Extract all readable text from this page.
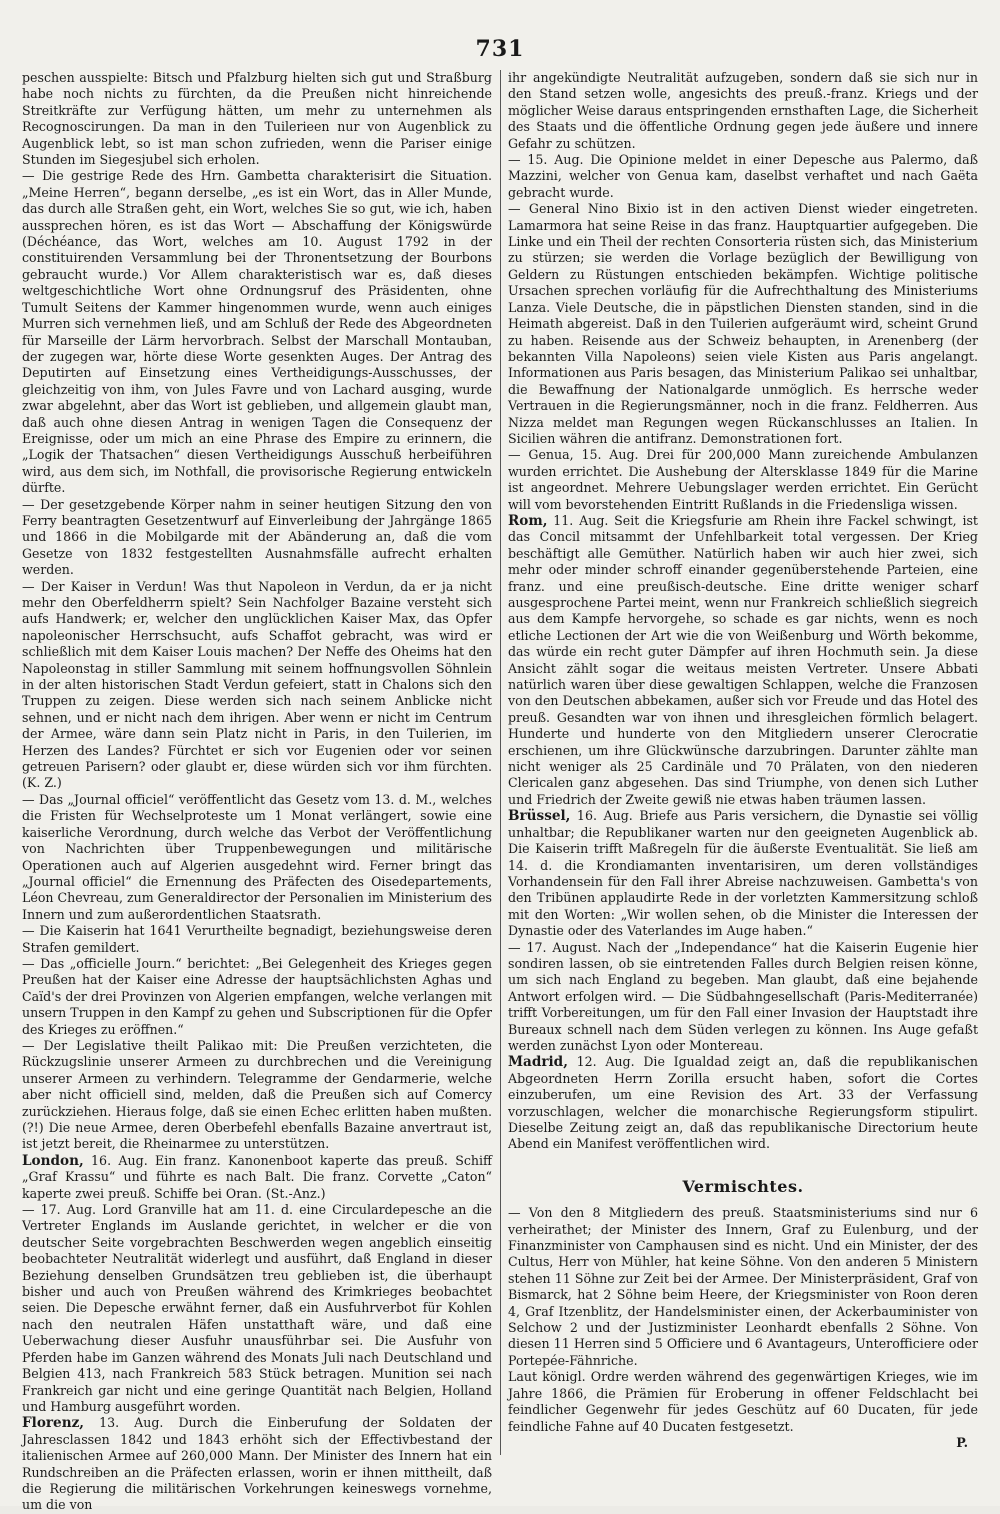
731

peschen ausspielte: Bitsch und Pfalzburg hielten sich gut und Straßburg habe noch nichts zu fürchten, da die Preußen nicht hinreichende Streitkräfte zur Verfügung hätten, um mehr zu unternehmen als Recognoscirungen. Da man in den Tuilerieen nur von Augenblick zu Augenblick lebt, so ist man schon zufrieden, wenn die Pariser einige Stunden im Siegesjubel sich erholen.

— Die gestrige Rede des Hrn. Gambetta charakterisirt die Situation. „Meine Herren“, begann derselbe, „es ist ein Wort, das in Aller Munde, das durch alle Straßen geht, ein Wort, welches Sie so gut, wie ich, haben aussprechen hören, es ist das Wort — Abschaffung der Königswürde (Déchéance, das Wort, welches am 10. August 1792 in der constituirenden Versammlung bei der Thronentsetzung der Bourbons gebraucht wurde.) Vor Allem charakteristisch war es, daß dieses weltgeschichtliche Wort ohne Ordnungsruf des Präsidenten, ohne Tumult Seitens der Kammer hingenommen wurde, wenn auch einiges Murren sich vernehmen ließ, und am Schluß der Rede des Abgeordneten für Marseille der Lärm hervorbrach. Selbst der Marschall Montauban, der zugegen war, hörte diese Worte gesenkten Auges. Der Antrag des Deputirten auf Einsetzung eines Vertheidigungs-Ausschusses, der gleichzeitig von ihm, von Jules Favre und von Lachard ausging, wurde zwar abgelehnt, aber das Wort ist geblieben, und allgemein glaubt man, daß auch ohne diesen Antrag in wenigen Tagen die Consequenz der Ereignisse, oder um mich an eine Phrase des Empire zu erinnern, die „Logik der Thatsachen“ diesen Vertheidigungs Ausschuß herbeiführen wird, aus dem sich, im Nothfall, die provisorische Regierung entwickeln dürfte.

— Der gesetzgebende Körper nahm in seiner heutigen Sitzung den von Ferry beantragten Gesetzentwurf auf Einverleibung der Jahrgänge 1865 und 1866 in die Mobilgarde mit der Abänderung an, daß die vom Gesetze von 1832 festgestellten Ausnahmsfälle aufrecht erhalten werden.

— Der Kaiser in Verdun! Was thut Napoleon in Verdun, da er ja nicht mehr den Oberfeldherrn spielt? Sein Nachfolger Bazaine versteht sich aufs Handwerk; er, welcher den unglücklichen Kaiser Max, das Opfer napoleonischer Herrschsucht, aufs Schaffot gebracht, was wird er schließlich mit dem Kaiser Louis machen? Der Neffe des Oheims hat den Napoleonstag in stiller Sammlung mit seinem hoffnungsvollen Söhnlein in der alten historischen Stadt Verdun gefeiert, statt in Chalons sich den Truppen zu zeigen. Diese werden sich nach seinem Anblicke nicht sehnen, und er nicht nach dem ihrigen. Aber wenn er nicht im Centrum der Armee, wäre dann sein Platz nicht in Paris, in den Tuilerien, im Herzen des Landes? Fürchtet er sich vor Eugenien oder vor seinen getreuen Parisern? oder glaubt er, diese würden sich vor ihm fürchten. (K. Z.)

— Das „Journal officiel“ veröffentlicht das Gesetz vom 13. d. M., welches die Fristen für Wechselproteste um 1 Monat verlängert, sowie eine kaiserliche Verordnung, durch welche das Verbot der Veröffentlichung von Nachrichten über Truppenbewegungen und militärische Operationen auch auf Algerien ausgedehnt wird. Ferner bringt das „Journal officiel“ die Ernennung des Präfecten des Oisedepartements, Léon Chevreau, zum Generaldirector der Personalien im Ministerium des Innern und zum außerordentlichen Staatsrath.

— Die Kaiserin hat 1641 Verurtheilte begnadigt, beziehungsweise deren Strafen gemildert.

— Das „officielle Journ.“ berichtet: „Bei Gelegenheit des Krieges gegen Preußen hat der Kaiser eine Adresse der hauptsächlichsten Aghas und Caïd's der drei Provinzen von Algerien empfangen, welche verlangen mit unsern Truppen in den Kampf zu gehen und Subscriptionen für die Opfer des Krieges zu eröffnen.“

— Der Legislative theilt Palikao mit: Die Preußen verzichteten, die Rückzugslinie unserer Armeen zu durchbrechen und die Vereinigung unserer Armeen zu verhindern. Telegramme der Gendarmerie, welche aber nicht officiell sind, melden, daß die Preußen sich auf Comercy zurückziehen. Hieraus folge, daß sie einen Echec erlitten haben mußten. (?!) Die neue Armee, deren Oberbefehl ebenfalls Bazaine anvertraut ist, ist jetzt bereit, die Rheinarmee zu unterstützen.

London, 16. Aug. Ein franz. Kanonenboot kaperte das preuß. Schiff „Graf Krassu“ und führte es nach Balt. Die franz. Corvette „Caton“ kaperte zwei preuß. Schiffe bei Oran. (St.-Anz.)

— 17. Aug. Lord Granville hat am 11. d. eine Circulardepesche an die Vertreter Englands im Auslande gerichtet, in welcher er die von deutscher Seite vorgebrachten Beschwerden wegen angeblich einseitig beobachteter Neutralität widerlegt und ausführt, daß England in dieser Beziehung denselben Grundsätzen treu geblieben ist, die überhaupt bisher und auch von Preußen während des Krimkrieges beobachtet seien. Die Depesche erwähnt ferner, daß ein Ausfuhrverbot für Kohlen nach den neutralen Häfen unstatthaft wäre, und daß eine Ueberwachung dieser Ausfuhr unausführbar sei. Die Ausfuhr von Pferden habe im Ganzen während des Monats Juli nach Deutschland und Belgien 413, nach Frankreich 583 Stück betragen. Munition sei nach Frankreich gar nicht und eine geringe Quantität nach Belgien, Holland und Hamburg ausgeführt worden.

Florenz, 13. Aug. Durch die Einberufung der Soldaten der Jahresclassen 1842 und 1843 erhöht sich der Effectivbestand der italienischen Armee auf 260,000 Mann. Der Minister des Innern hat ein Rundschreiben an die Präfecten erlassen, worin er ihnen mittheilt, daß die Regierung die militärischen Vorkehrungen keineswegs vornehme, um die von

ihr angekündigte Neutralität aufzugeben, sondern daß sie sich nur in den Stand setzen wolle, angesichts des preuß.-franz. Kriegs und der möglicher Weise daraus entspringenden ernsthaften Lage, die Sicherheit des Staats und die öffentliche Ordnung gegen jede äußere und innere Gefahr zu schützen.

— 15. Aug. Die Opinione meldet in einer Depesche aus Palermo, daß Mazzini, welcher von Genua kam, daselbst verhaftet und nach Gaëta gebracht wurde.

— General Nino Bixio ist in den activen Dienst wieder eingetreten. Lamarmora hat seine Reise in das franz. Hauptquartier aufgegeben. Die Linke und ein Theil der rechten Consorteria rüsten sich, das Ministerium zu stürzen; sie werden die Vorlage bezüglich der Bewilligung von Geldern zu Rüstungen entschieden bekämpfen. Wichtige politische Ursachen sprechen vorläufig für die Aufrechthaltung des Ministeriums Lanza. Viele Deutsche, die in päpstlichen Diensten standen, sind in die Heimath abgereist. Daß in den Tuilerien aufgeräumt wird, scheint Grund zu haben. Reisende aus der Schweiz behaupten, in Arenenberg (der bekannten Villa Napoleons) seien viele Kisten aus Paris angelangt. Informationen aus Paris besagen, das Ministerium Palikao sei unhaltbar, die Bewaffnung der Nationalgarde unmöglich. Es herrsche weder Vertrauen in die Regierungsmänner, noch in die franz. Feldherren. Aus Nizza meldet man Regungen wegen Rückanschlusses an Italien. In Sicilien währen die antifranz. Demonstrationen fort.

— Genua, 15. Aug. Drei für 200,000 Mann zureichende Ambulanzen wurden errichtet. Die Aushebung der Altersklasse 1849 für die Marine ist angeordnet. Mehrere Uebungslager werden errichtet. Ein Gerücht will vom bevorstehenden Eintritt Rußlands in die Friedensliga wissen.

Rom, 11. Aug. Seit die Kriegsfurie am Rhein ihre Fackel schwingt, ist das Concil mitsammt der Unfehlbarkeit total vergessen. Der Krieg beschäftigt alle Gemüther. Natürlich haben wir auch hier zwei, sich mehr oder minder schroff einander gegenüberstehende Parteien, eine franz. und eine preußisch-deutsche. Eine dritte weniger scharf ausgesprochene Partei meint, wenn nur Frankreich schließlich siegreich aus dem Kampfe hervorgehe, so schade es gar nichts, wenn es noch etliche Lectionen der Art wie die von Weißenburg und Wörth bekomme, das würde ein recht guter Dämpfer auf ihren Hochmuth sein. Ja diese Ansicht zählt sogar die weitaus meisten Vertreter. Unsere Abbati natürlich waren über diese gewaltigen Schlappen, welche die Franzosen von den Deutschen abbekamen, außer sich vor Freude und das Hotel des preuß. Gesandten war von ihnen und ihresgleichen förmlich belagert. Hunderte und hunderte von den Mitgliedern unserer Clerocratie erschienen, um ihre Glückwünsche darzubringen. Darunter zählte man nicht weniger als 25 Cardinäle und 70 Prälaten, von den niederen Clericalen ganz abgesehen. Das sind Triumphe, von denen sich Luther und Friedrich der Zweite gewiß nie etwas haben träumen lassen.

Brüssel, 16. Aug. Briefe aus Paris versichern, die Dynastie sei völlig unhaltbar; die Republikaner warten nur den geeigneten Augenblick ab. Die Kaiserin trifft Maßregeln für die äußerste Eventualität. Sie ließ am 14. d. die Krondiamanten inventarisiren, um deren vollständiges Vorhandensein für den Fall ihrer Abreise nachzuweisen. Gambetta's von den Tribünen applaudirte Rede in der vorletzten Kammersitzung schloß mit den Worten: „Wir wollen sehen, ob die Minister die Interessen der Dynastie oder des Vaterlandes im Auge haben.“

— 17. August. Nach der „Independance“ hat die Kaiserin Eugenie hier sondiren lassen, ob sie eintretenden Falles durch Belgien reisen könne, um sich nach England zu begeben. Man glaubt, daß eine bejahende Antwort erfolgen wird. — Die Südbahngesellschaft (Paris-Mediterranée) trifft Vorbereitungen, um für den Fall einer Invasion der Hauptstadt ihre Bureaux schnell nach dem Süden verlegen zu können. Ins Auge gefaßt werden zunächst Lyon oder Montereau.

Madrid, 12. Aug. Die Igualdad zeigt an, daß die republikanischen Abgeordneten Herrn Zorilla ersucht haben, sofort die Cortes einzuberufen, um eine Revision des Art. 33 der Verfassung vorzuschlagen, welcher die monarchische Regierungsform stipulirt. Dieselbe Zeitung zeigt an, daß das republikanische Directorium heute Abend ein Manifest veröffentlichen wird.

Vermischtes.

— Von den 8 Mitgliedern des preuß. Staatsministeriums sind nur 6 verheirathet; der Minister des Innern, Graf zu Eulenburg, und der Finanzminister von Camphausen sind es nicht. Und ein Minister, der des Cultus, Herr von Mühler, hat keine Söhne. Von den anderen 5 Ministern stehen 11 Söhne zur Zeit bei der Armee. Der Ministerpräsident, Graf von Bismarck, hat 2 Söhne beim Heere, der Kriegsminister von Roon deren 4, Graf Itzenblitz, der Handelsminister einen, der Ackerbauminister von Selchow 2 und der Justizminister Leonhardt ebenfalls 2 Söhne. Von diesen 11 Herren sind 5 Officiere und 6 Avantageurs, Unterofficiere oder Portepée-Fähnriche.

Laut königl. Ordre werden während des gegenwärtigen Krieges, wie im Jahre 1866, die Prämien für Eroberung in offener Feldschlacht bei feindlicher Gegenwehr für jedes Geschütz auf 60 Ducaten, für jede feindliche Fahne auf 40 Ducaten festgesetzt.

P.
